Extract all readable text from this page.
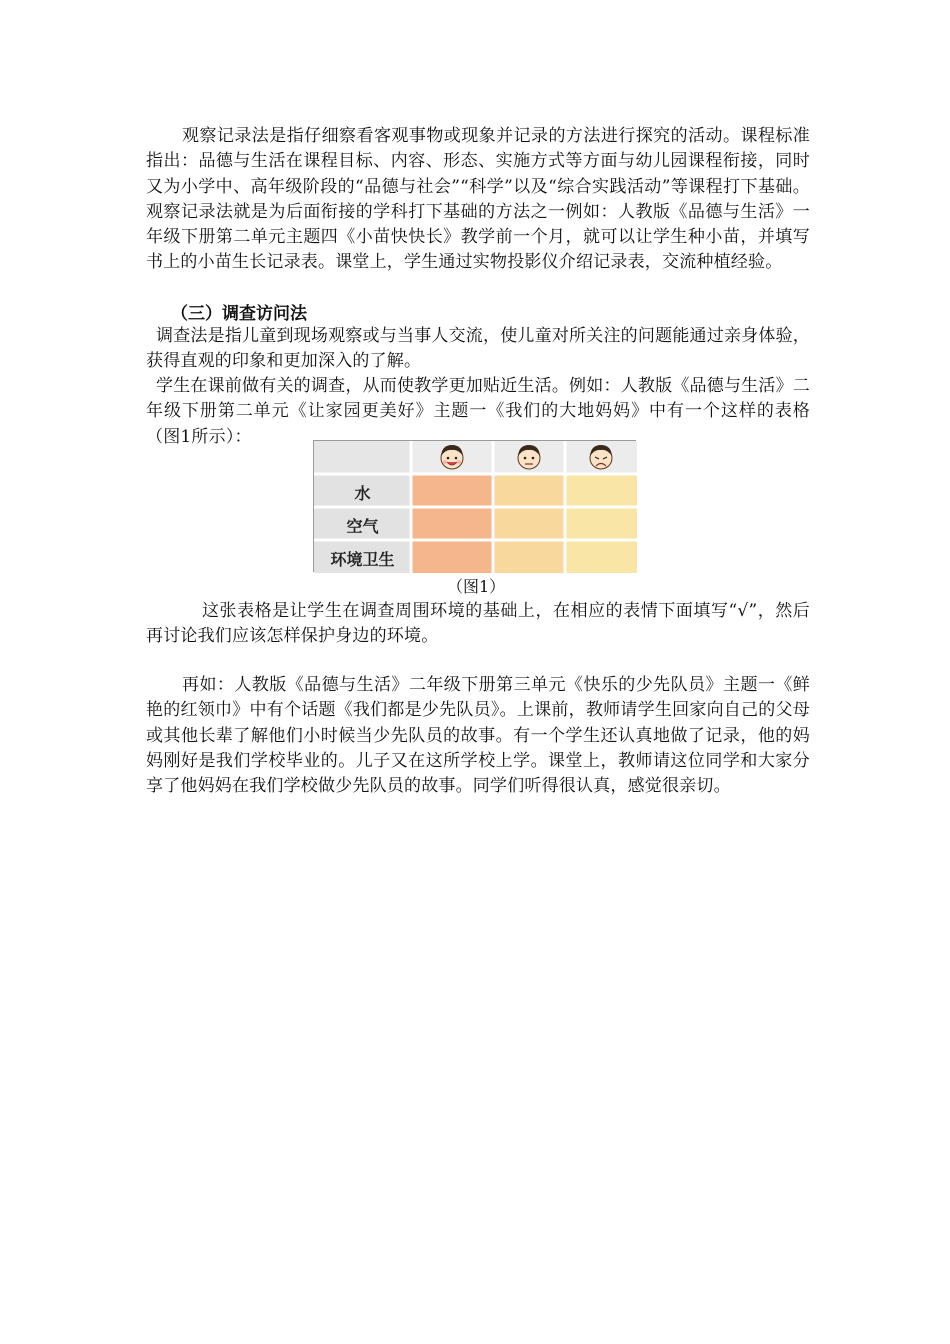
观察记录法是指仔细察看客观事物或现象并记录的方法进行探究的活动。课程标准指出：品德与生活在课程目标、内容、形态、实施方式等方面与幼儿园课程衔接，同时又为小学中、高年级阶段的“品德与社会”“科学”以及“综合实践活动”等课程打下基础。观察记录法就是为后面衔接的学科打下基础的方法之一例如：人教版《品德与生活》一年级下册第二单元主题四《小苗快快长》教学前一个月，就可以让学生种小苗，并填写书上的小苗生长记录表。课堂上，学生通过实物投影仪介绍记录表，交流种植经验。

（三）调查访问法

调查法是指儿童到现场观察或与当事人交流，使儿童对所关注的问题能通过亲身体验，获得直观的印象和更加深入的了解。

学生在课前做有关的调查，从而使教学更加贴近生活。例如：人教版《品德与生活》二年级下册第二单元《让家园更美好》主题一《我们的大地妈妈》中有一个这样的表格（图1所示）：

水
空气
环境卫生

（图1）

这张表格是让学生在调查周围环境的基础上，在相应的表情下面填写“√”，然后再讨论我们应该怎样保护身边的环境。

再如：人教版《品德与生活》二年级下册第三单元《快乐的少先队员》主题一《鲜艳的红领巾》中有个话题《我们都是少先队员》。上课前，教师请学生回家向自己的父母或其他长辈了解他们小时候当少先队员的故事。有一个学生还认真地做了记录，他的妈妈刚好是我们学校毕业的。儿子又在这所学校上学。课堂上，教师请这位同学和大家分享了他妈妈在我们学校做少先队员的故事。同学们听得很认真，感觉很亲切。
